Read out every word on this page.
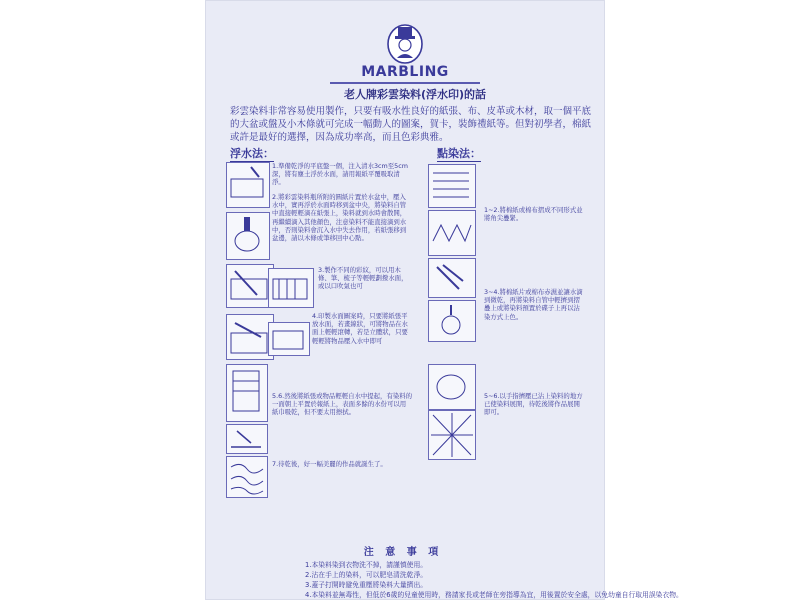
MARBLING
老人牌彩雲染料(浮水印)的話
彩雲染料非常容易使用製作，只要有吸水性良好的紙張、布、皮革或木材，取一個平底的大盆或盤及小木條就可完成一幅動人的圖案，賀卡，裝飾禮紙等。但對初學者，棉紙或許是最好的選擇，因為成功率高，而且色彩典雅。
浮水法：	點染法：
1.準備乾淨的平底盤一個，注入清水3cm至5cm深，將有塵土浮於水面，請用報紙平覆吸取清淨。
2.將彩雲染料瓶所附的圓紙片置於水盆中，壓入水中，實再浮於水面時移到盆中央，將染料自管中直接輕輕滴在紙張上，染料就到水時會散開，再繼續滴入其他顏色，注意染料不能直接滴到水中，否則染料會沉入水中失去作用，若紙張移到盆邊，請以木條或筆移回中心點。
3.製作不同的彩紋，可以用木條、筆、梳子等輕輕劃撥水面，或以口吹氣也可
4.印製水面圖案時，只要將紙張平放水面，若畫線狀，可將物品在水面上輕輕滾轉，若是立體狀，只要輕輕將物品壓入水中即可
5.6.然後將紙張或物品輕輕自水中提起，有染料的一面朝上平置於報紙上，表面多餘的水份可以用紙巾吸乾，但不要太用擦拭。
7.待乾後，好一幅美麗的作品就誕生了。
1~2.將棉紙或棉布摺成不同形式並將角尖疊緊。
3~4.將棉紙片或棉布赤濕並讓水滴到微乾，再將染料自管中輕擠到摺疊上或將染料預置於碟子上再以沾染方式上色。
5~6.以手指擠壓已沾上染料的地方已使染料展開，待乾後將作品展開即可。
注 意 事 項
1.本染料染到衣物洗不掉，請謹慎使用。
2.沾在手上的染料，可以肥皂清洗乾淨。
3.蓋子打開時避免重壓將染料大量擠出。
4.本染料並無毒性，但低於6歲的兒童使用時，務請家長或老師在旁指導為宜，用後置於安全處，以免幼童自行取用誤染衣物。
